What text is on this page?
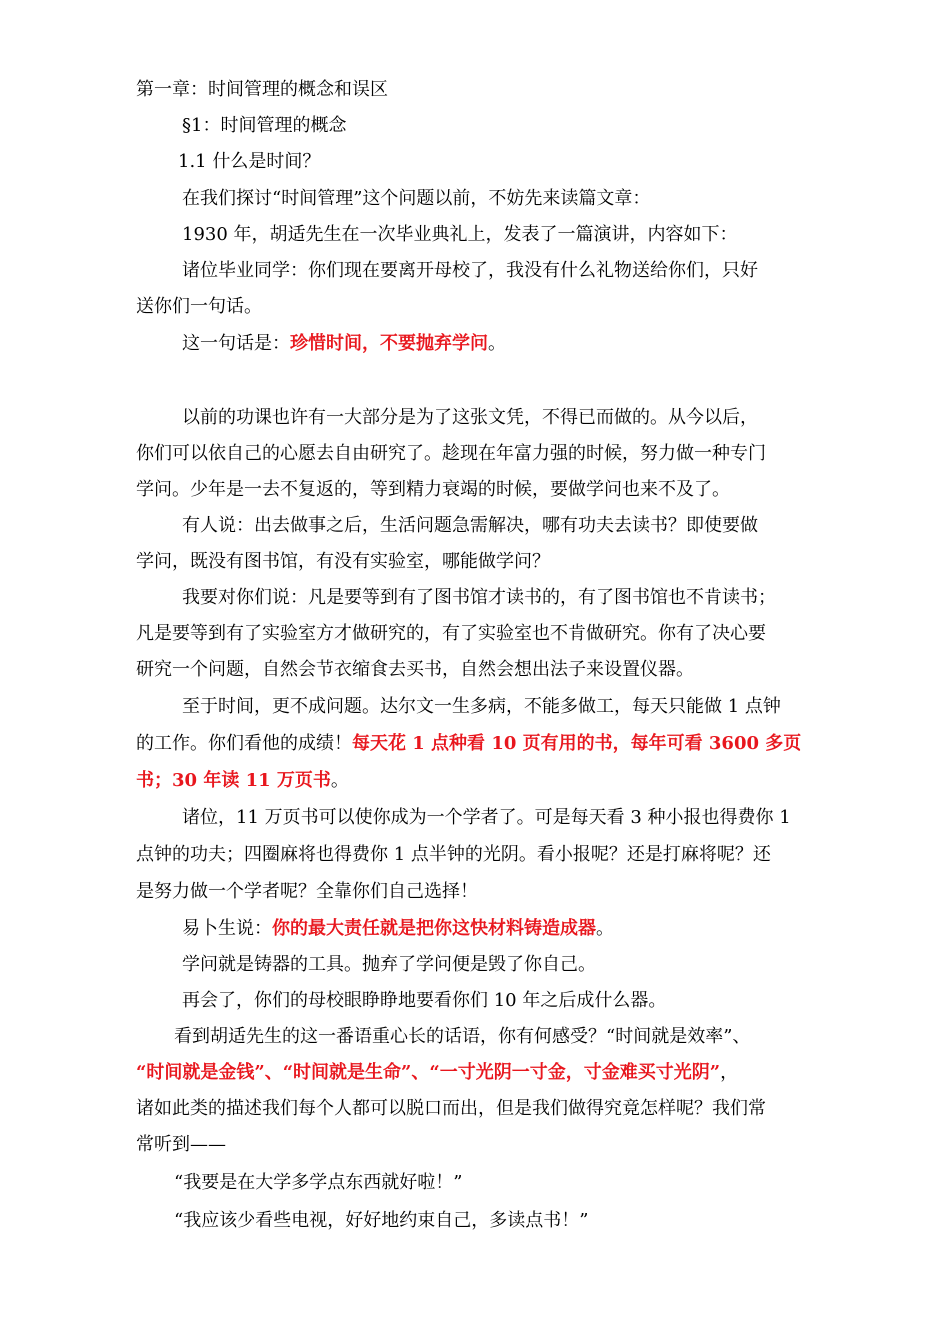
第一章：时间管理的概念和误区
§1：时间管理的概念
1.1 什么是时间？
在我们探讨“时间管理”这个问题以前，不妨先来读篇文章：
1930 年，胡适先生在一次毕业典礼上，发表了一篇演讲，内容如下：
诸位毕业同学：你们现在要离开母校了，我没有什么礼物送给你们，只好
送你们一句话。
这一句话是：珍惜时间，不要抛弃学问。
以前的功课也许有一大部分是为了这张文凭，不得已而做的。从今以后，
你们可以依自己的心愿去自由研究了。趁现在年富力强的时候，努力做一种专门
学问。少年是一去不复返的，等到精力衰竭的时候，要做学问也来不及了。
有人说：出去做事之后，生活问题急需解决，哪有功夫去读书？即使要做
学问，既没有图书馆，有没有实验室，哪能做学问？
我要对你们说：凡是要等到有了图书馆才读书的，有了图书馆也不肯读书；
凡是要等到有了实验室方才做研究的，有了实验室也不肯做研究。你有了决心要
研究一个问题，自然会节衣缩食去买书，自然会想出法子来设置仪器。
至于时间，更不成问题。达尔文一生多病，不能多做工，每天只能做 1 点钟
的工作。你们看他的成绩！每天花 1 点种看 10 页有用的书，每年可看 3600 多页
书；30 年读 11 万页书。
诸位，11 万页书可以使你成为一个学者了。可是每天看 3 种小报也得费你 1
点钟的功夫；四圈麻将也得费你 1 点半钟的光阴。看小报呢？还是打麻将呢？还
是努力做一个学者呢？全靠你们自己选择！
易卜生说：你的最大责任就是把你这快材料铸造成器。
学问就是铸器的工具。抛弃了学问便是毁了你自己。
再会了，你们的母校眼睁睁地要看你们 10 年之后成什么器。
看到胡适先生的这一番语重心长的话语，你有何感受？“时间就是效率”、
“时间就是金钱”、“时间就是生命”、“一寸光阴一寸金，寸金难买寸光阴”，
诸如此类的描述我们每个人都可以脱口而出，但是我们做得究竟怎样呢？我们常
常听到——
“我要是在大学多学点东西就好啦！”
“我应该少看些电视，好好地约束自己，多读点书！”
